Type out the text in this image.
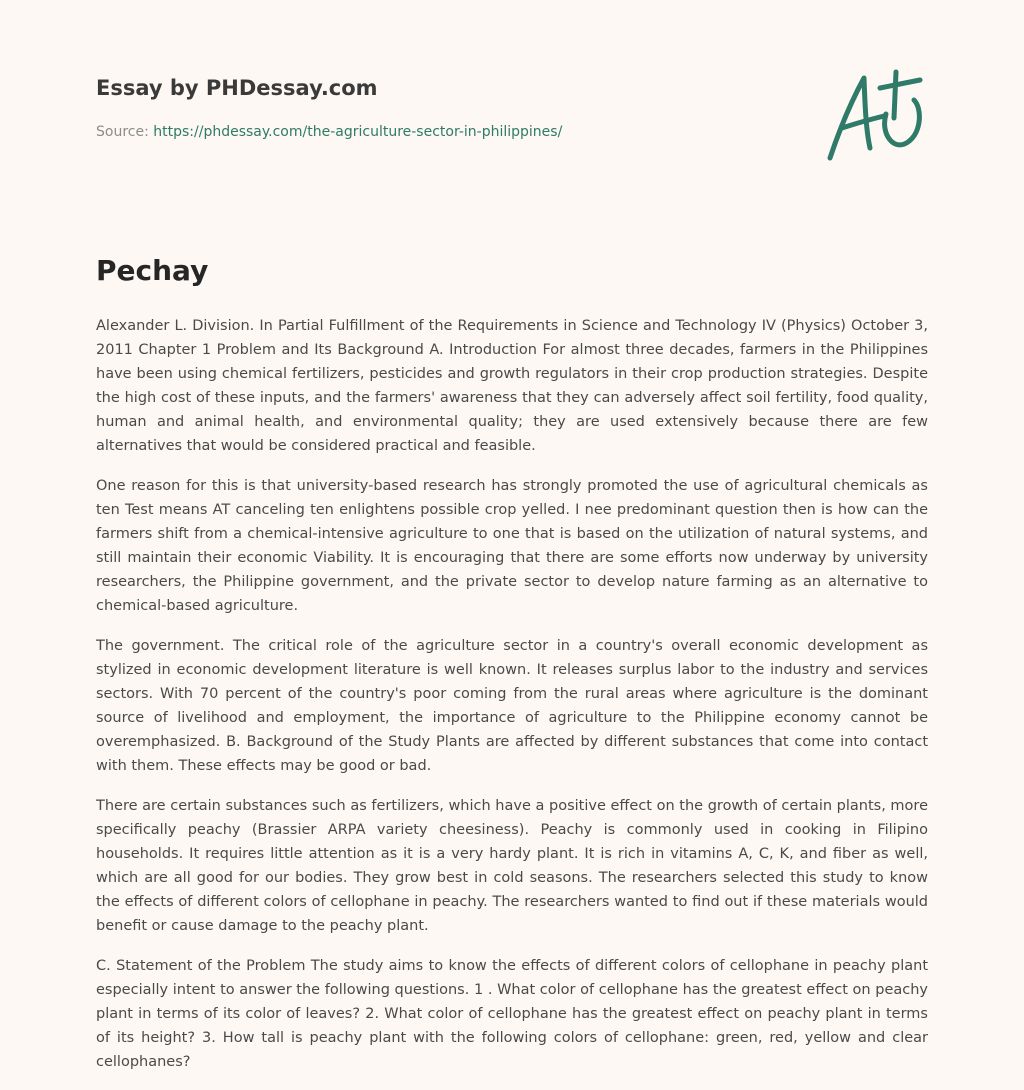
Essay by PHDessay.com
Source: https://phdessay.com/the-agriculture-sector-in-philippines/
Pechay

Alexander L. Division. In Partial Fulfillment of the Requirements in Science and Technology IV (Physics) October 3, 2011 Chapter 1 Problem and Its Background A. Introduction For almost three decades, farmers in the Philippines have been using chemical fertilizers, pesticides and growth regulators in their crop production strategies. Despite the high cost of these inputs, and the farmers' awareness that they can adversely affect soil fertility, food quality, human and animal health, and environmental quality; they are used extensively because there are few alternatives that would be considered practical and feasible.

One reason for this is that university-based research has strongly promoted the use of agricultural chemicals as ten Test means AT canceling ten enlightens possible crop yelled. I nee predominant question then is how can the farmers shift from a chemical-intensive agriculture to one that is based on the utilization of natural systems, and still maintain their economic Viability. It is encouraging that there are some efforts now underway by university researchers, the Philippine government, and the private sector to develop nature farming as an alternative to chemical-based agriculture.

The government. The critical role of the agriculture sector in a country's overall economic development as stylized in economic development literature is well known. It releases surplus labor to the industry and services sectors. With 70 percent of the country's poor coming from the rural areas where agriculture is the dominant source of livelihood and employment, the importance of agriculture to the Philippine economy cannot be overemphasized. B. Background of the Study Plants are affected by different substances that come into contact with them. These effects may be good or bad.

There are certain substances such as fertilizers, which have a positive effect on the growth of certain plants, more specifically peachy (Brassier ARPA variety cheesiness). Peachy is commonly used in cooking in Filipino households. It requires little attention as it is a very hardy plant. It is rich in vitamins A, C, K, and fiber as well, which are all good for our bodies. They grow best in cold seasons. The researchers selected this study to know the effects of different colors of cellophane in peachy. The researchers wanted to find out if these materials would benefit or cause damage to the peachy plant.

C. Statement of the Problem The study aims to know the effects of different colors of cellophane in peachy plant especially intent to answer the following questions. 1 . What color of cellophane has the greatest effect on peachy plant in terms of its color of leaves? 2. What color of cellophane has the greatest effect on peachy plant in terms of its height? 3. How tall is peachy plant with the following colors of cellophane: green, red, yellow and clear cellophanes?
